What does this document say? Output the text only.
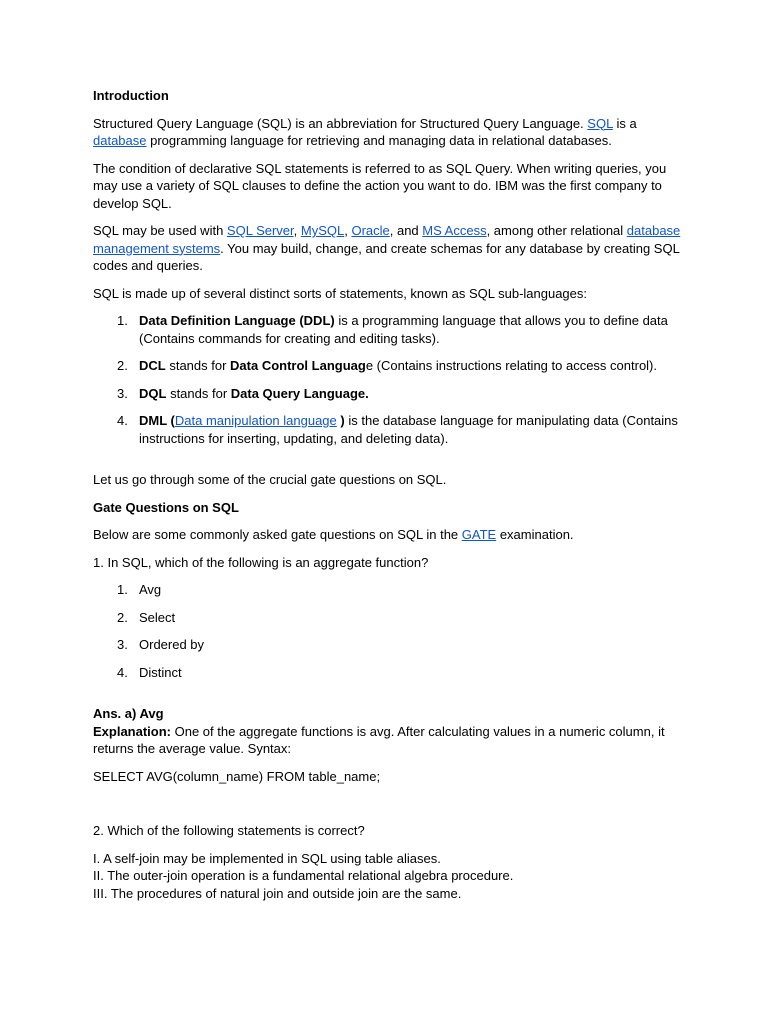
Introduction

Structured Query Language (SQL) is an abbreviation for Structured Query Language. SQL is a database programming language for retrieving and managing data in relational databases.

The condition of declarative SQL statements is referred to as SQL Query. When writing queries, you may use a variety of SQL clauses to define the action you want to do. IBM was the first company to develop SQL.

SQL may be used with SQL Server, MySQL, Oracle, and MS Access, among other relational database management systems. You may build, change, and create schemas for any database by creating SQL codes and queries.

SQL is made up of several distinct sorts of statements, known as SQL sub-languages:

1. Data Definition Language (DDL) is a programming language that allows you to define data (Contains commands for creating and editing tasks).
2. DCL stands for Data Control Language (Contains instructions relating to access control).
3. DQL stands for Data Query Language.
4. DML (Data manipulation language ) is the database language for manipulating data (Contains instructions for inserting, updating, and deleting data).

Let us go through some of the crucial gate questions on SQL.

Gate Questions on SQL

Below are some commonly asked gate questions on SQL in the GATE examination.

1. In SQL, which of the following is an aggregate function?

1. Avg
2. Select
3. Ordered by
4. Distinct

Ans. a) Avg

Explanation: One of the aggregate functions is avg. After calculating values in a numeric column, it returns the average value. Syntax:

SELECT AVG(column_name) FROM table_name;

2. Which of the following statements is correct?

I. A self-join may be implemented in SQL using table aliases.

II. The outer-join operation is a fundamental relational algebra procedure.

III. The procedures of natural join and outside join are the same.
